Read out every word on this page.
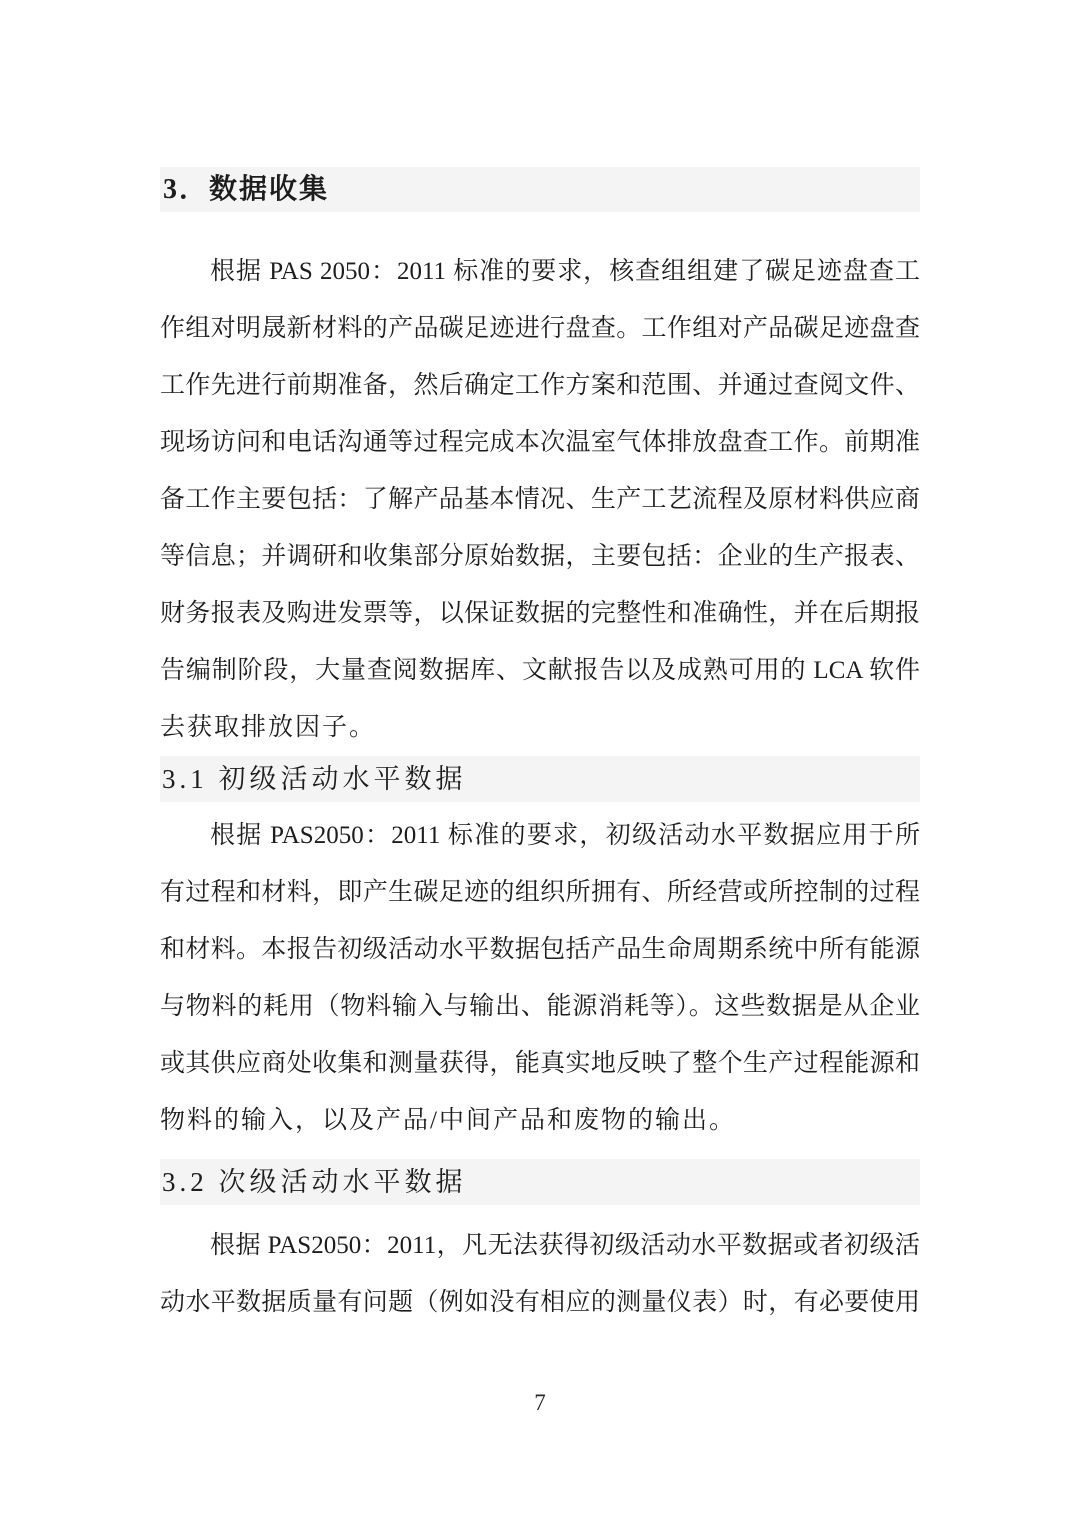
3．数据收集
根据 PAS 2050：2011 标准的要求，核查组组建了碳足迹盘查工
作组对明晟新材料的产品碳足迹进行盘查。工作组对产品碳足迹盘查
工作先进行前期准备，然后确定工作方案和范围、并通过查阅文件、
现场访问和电话沟通等过程完成本次温室气体排放盘查工作。前期准
备工作主要包括：了解产品基本情况、生产工艺流程及原材料供应商
等信息；并调研和收集部分原始数据，主要包括：企业的生产报表、
财务报表及购进发票等，以保证数据的完整性和准确性，并在后期报
告编制阶段，大量查阅数据库、文献报告以及成熟可用的 LCA 软件
去获取排放因子。
3.1 初级活动水平数据
根据 PAS2050：2011 标准的要求，初级活动水平数据应用于所
有过程和材料，即产生碳足迹的组织所拥有、所经营或所控制的过程
和材料。本报告初级活动水平数据包括产品生命周期系统中所有能源
与物料的耗用（物料输入与输出、能源消耗等）。这些数据是从企业
或其供应商处收集和测量获得，能真实地反映了整个生产过程能源和
物料的输入，以及产品/中间产品和废物的输出。
3.2 次级活动水平数据
根据 PAS2050：2011，凡无法获得初级活动水平数据或者初级活
动水平数据质量有问题（例如没有相应的测量仪表）时，有必要使用
7
